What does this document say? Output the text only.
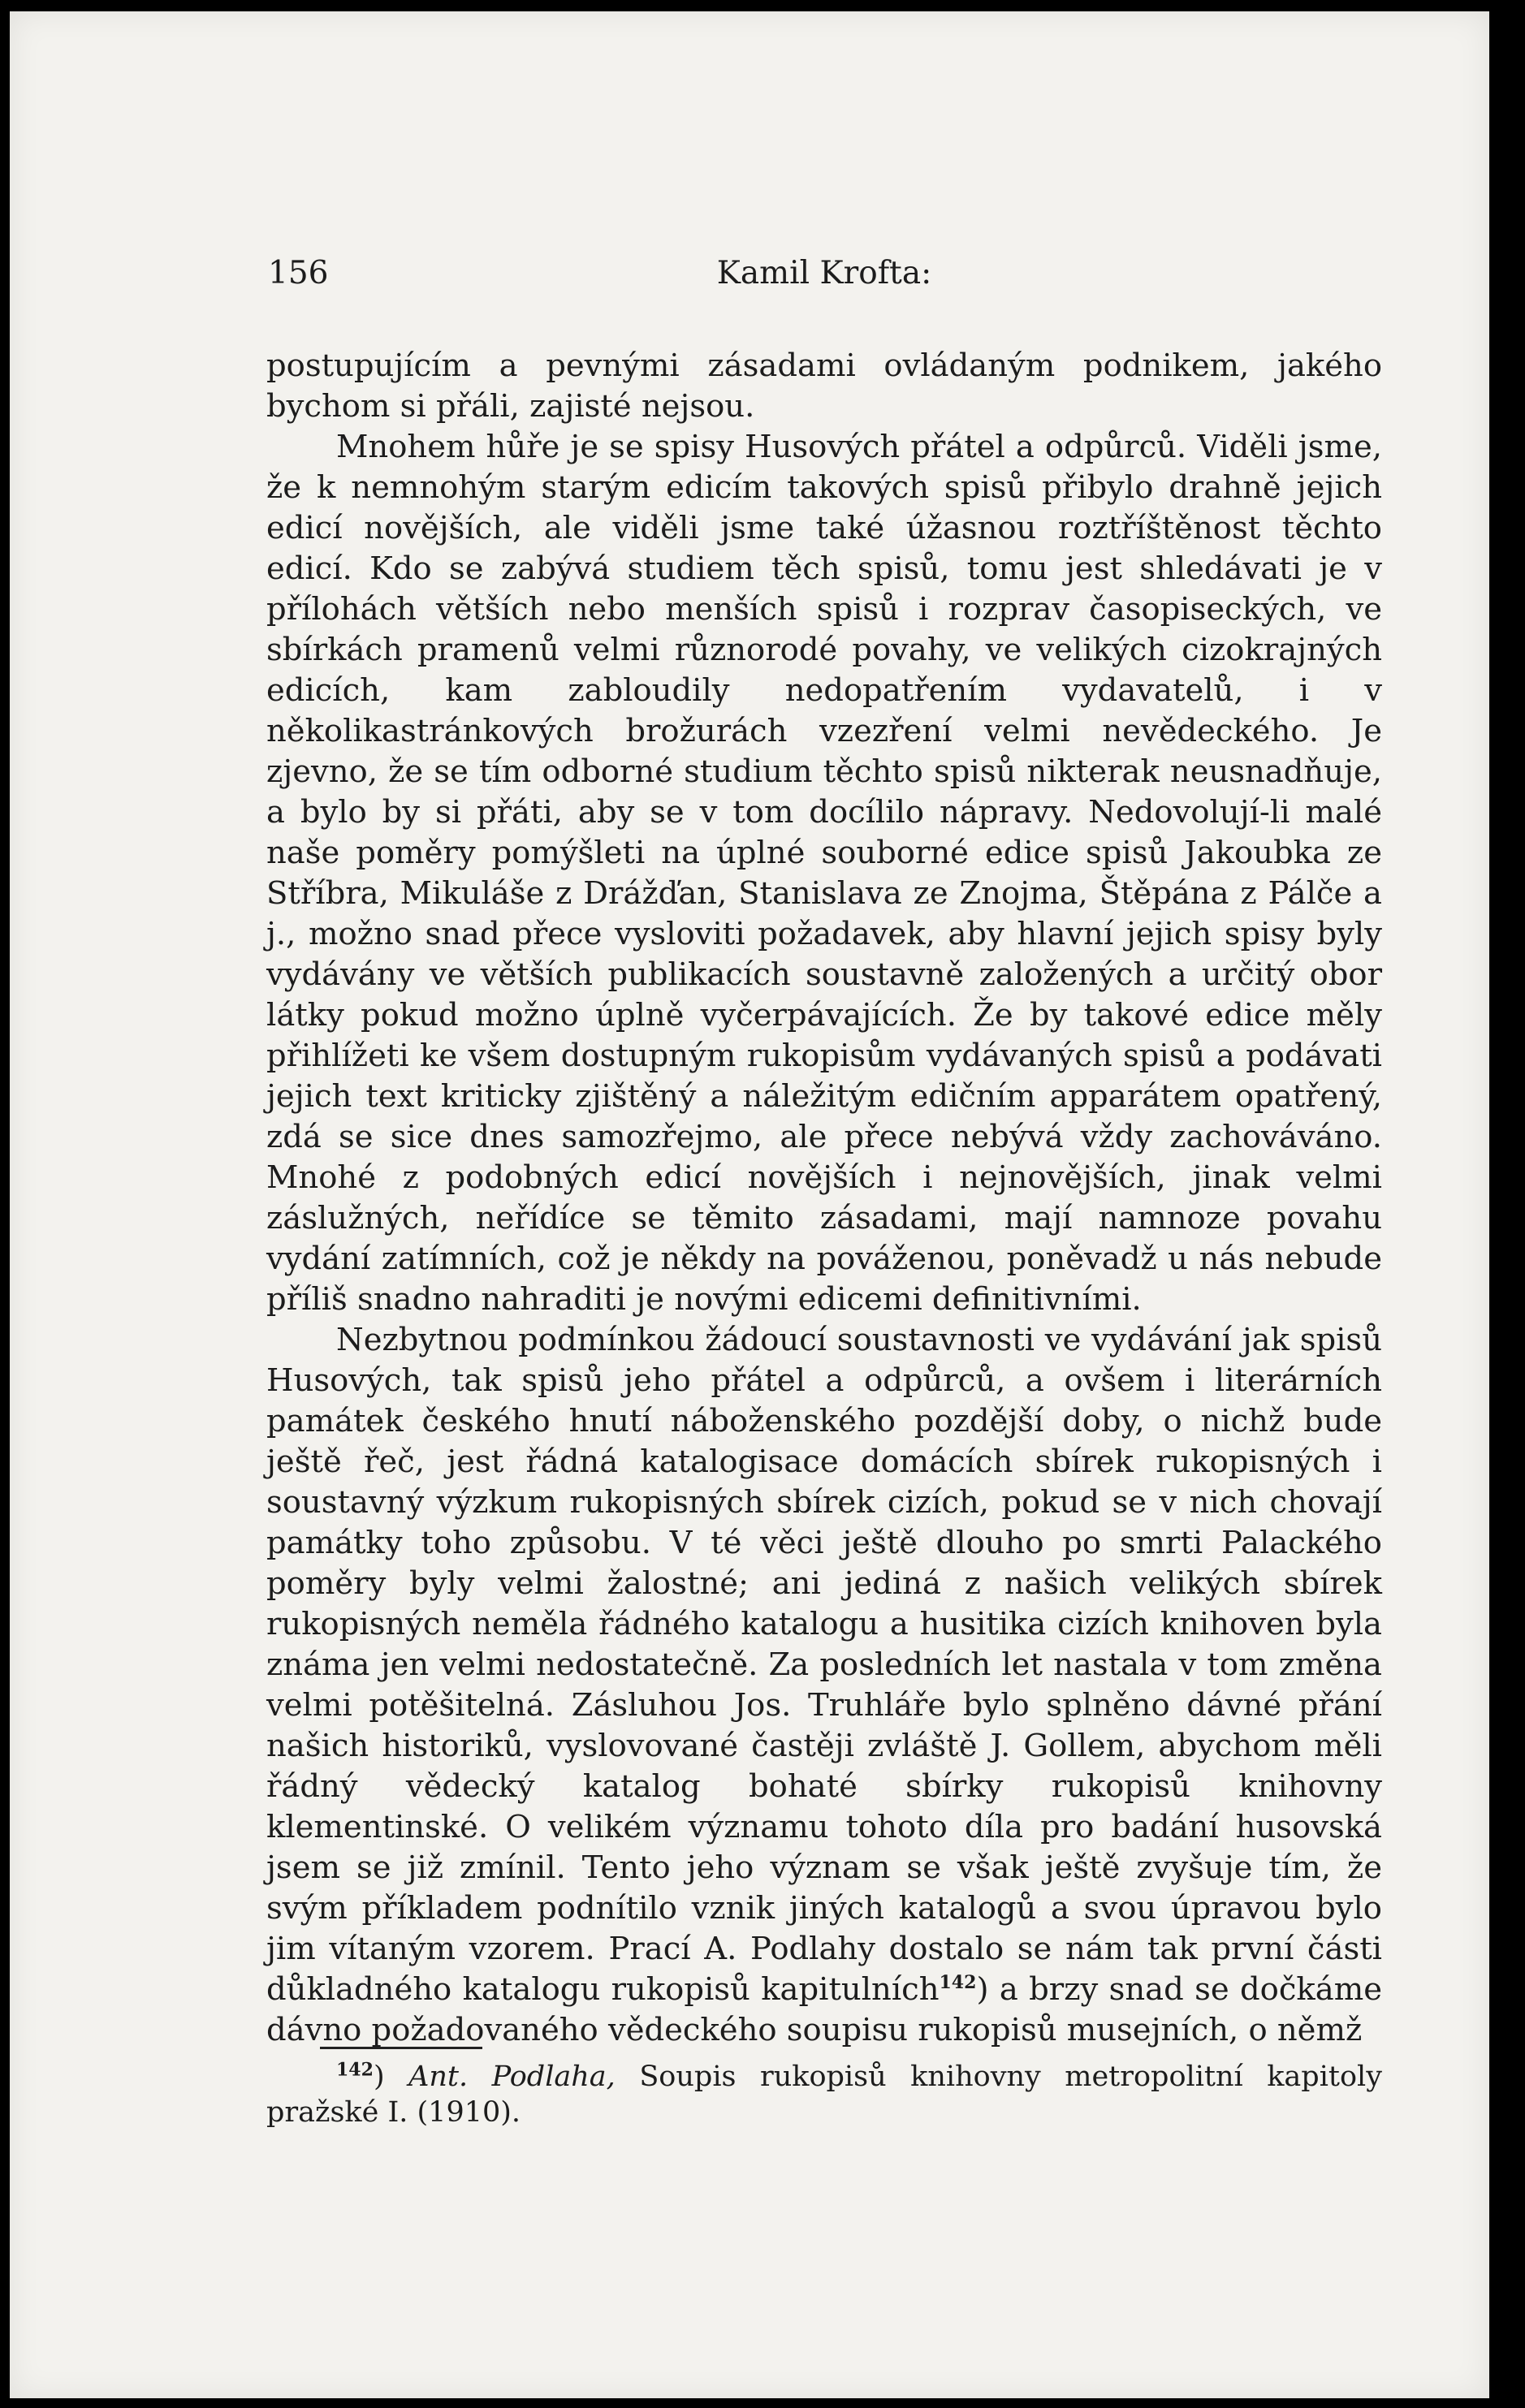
156	Kamil Krofta:

postupujícím a pevnými zásadami ovládaným podnikem, jakého bychom si přáli, zajisté nejsou.

Mnohem hůře je se spisy Husových přátel a odpůrců. Viděli jsme, že k nemnohým starým edicím takových spisů přibylo drahně jejich edicí novějších, ale viděli jsme také úžasnou roztříštěnost těchto edicí. Kdo se zabývá studiem těch spisů, tomu jest shledávati je v přílohách větších nebo menších spisů i rozprav časopiseckých, ve sbírkách pramenů velmi různorodé povahy, ve velikých cizokrajných edicích, kam zabloudily nedopatřením vydavatelů, i v několikastránkových brožurách vzezření velmi nevědeckého. Je zjevno, že se tím odborné studium těchto spisů nikterak neusnadňuje, a bylo by si přáti, aby se v tom docílilo nápravy. Nedovolují-li malé naše poměry pomýšleti na úplné souborné edice spisů Jakoubka ze Stříbra, Mikuláše z Drážďan, Stanislava ze Znojma, Štěpána z Pálče a j., možno snad přece vysloviti požadavek, aby hlavní jejich spisy byly vydávány ve větších publikacích soustavně založených a určitý obor látky pokud možno úplně vyčerpávajících. Že by takové edice měly přihlížeti ke všem dostupným rukopisům vydávaných spisů a podávati jejich text kriticky zjištěný a náležitým edičním apparátem opatřený, zdá se sice dnes samozřejmo, ale přece nebývá vždy zachováváno. Mnohé z podobných edicí novějších i nejnovějších, jinak velmi záslužných, neřídíce se těmito zásadami, mají namnoze povahu vydání zatímních, což je někdy na pováženou, poněvadž u nás nebude příliš snadno nahraditi je novými edicemi definitivními.

Nezbytnou podmínkou žádoucí soustavnosti ve vydávání jak spisů Husových, tak spisů jeho přátel a odpůrců, a ovšem i literárních památek českého hnutí náboženského pozdější doby, o nichž bude ještě řeč, jest řádná katalogisace domácích sbírek rukopisných i soustavný výzkum rukopisných sbírek cizích, pokud se v nich chovají památky toho způsobu. V té věci ještě dlouho po smrti Palackého poměry byly velmi žalostné; ani jediná z našich velikých sbírek rukopisných neměla řádného katalogu a husitika cizích knihoven byla známa jen velmi nedostatečně. Za posledních let nastala v tom změna velmi potěšitelná. Zásluhou Jos. Truhláře bylo splněno dávné přání našich historiků, vyslovované častěji zvláště J. Gollem, abychom měli řádný vědecký katalog bohaté sbírky rukopisů knihovny klementinské. O velikém významu tohoto díla pro badání husovská jsem se již zmínil. Tento jeho význam se však ještě zvyšuje tím, že svým příkladem podnítilo vznik jiných katalogů a svou úpravou bylo jim vítaným vzorem. Prací A. Podlahy dostalo se nám tak první části důkladného katalogu rukopisů kapitulních$^{142}$) a brzy snad se dočkáme dávno požadovaného vědeckého soupisu rukopisů musejních, o němž

$^{142}$) Ant. Podlaha, Soupis rukopisů knihovny metropolitní kapitoly pražské I. (1910).
